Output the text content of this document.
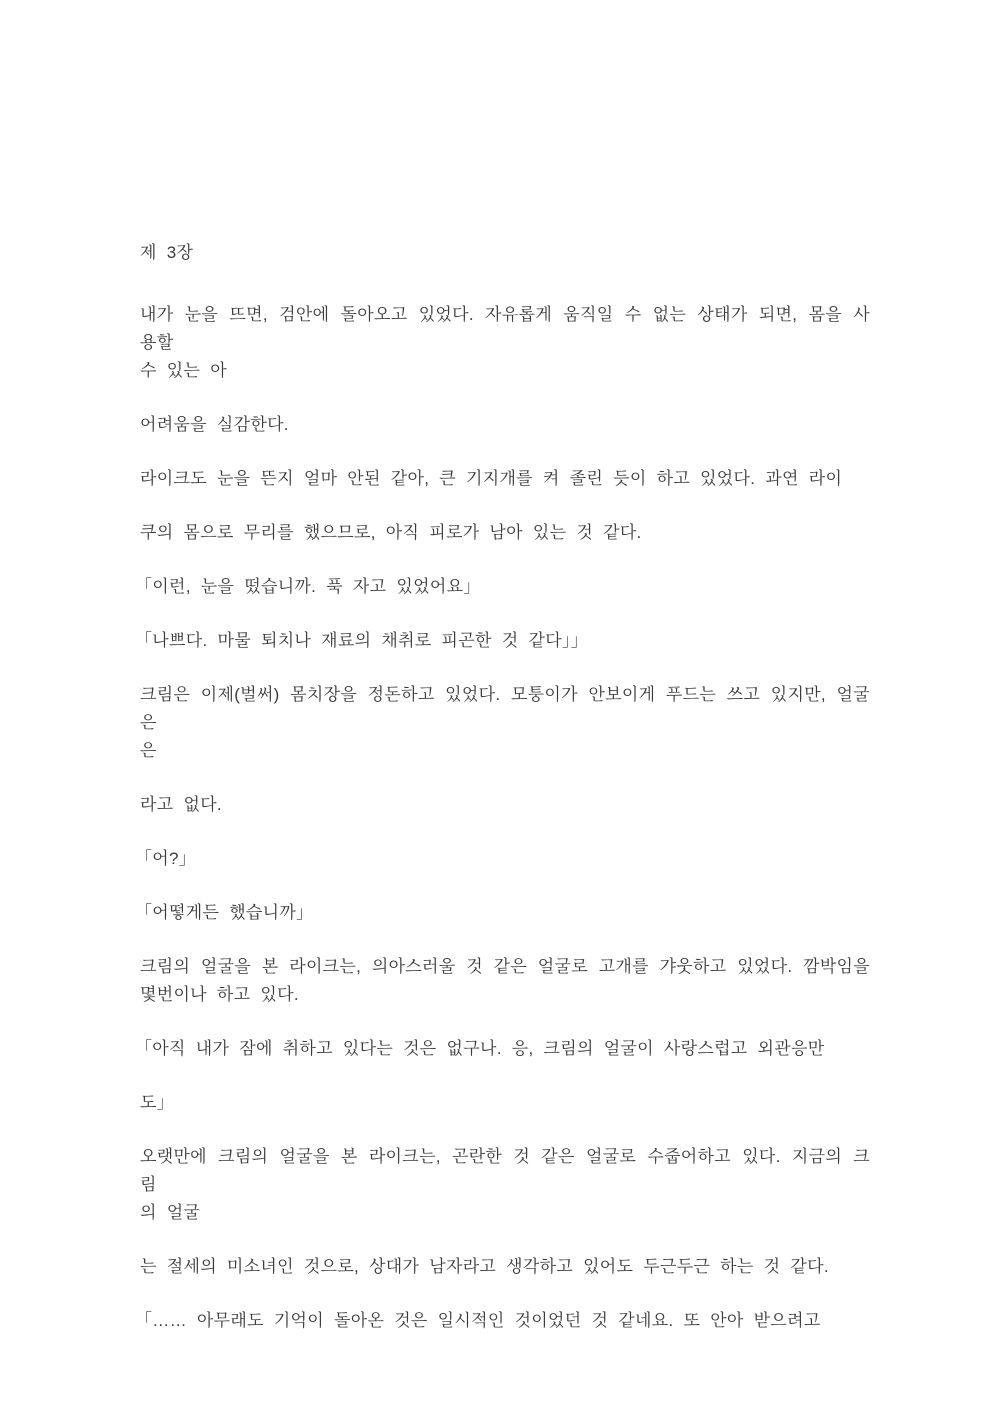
제 3장
내가 눈을 뜨면, 검안에 돌아오고 있었다. 자유롭게 움직일 수 없는 상태가 되면, 몸을 사용할
수 있는 아
어려움을 실감한다.
라이크도 눈을 뜬지 얼마 안된 같아, 큰 기지개를 켜 졸린 듯이 하고 있었다. 과연 라이
쿠의 몸으로 무리를 했으므로, 아직 피로가 남아 있는 것 같다.
「이런, 눈을 떴습니까. 푹 자고 있었어요」
「나쁘다. 마물 퇴치나 재료의 채취로 피곤한 것 같다」」
크림은 이제(벌써) 몸치장을 정돈하고 있었다. 모퉁이가 안보이게 푸드는 쓰고 있지만, 얼굴은
은
라고 없다.
「어?」
「어떻게든 했습니까」
크림의 얼굴을 본 라이크는, 의아스러울 것 같은 얼굴로 고개를 갸웃하고 있었다. 깜박임을
몇번이나 하고 있다.
「아직 내가 잠에 취하고 있다는 것은 없구나. 응, 크림의 얼굴이 사랑스럽고 외관응만
도」
오랫만에 크림의 얼굴을 본 라이크는, 곤란한 것 같은 얼굴로 수줍어하고 있다. 지금의 크림
의 얼굴
는 절세의 미소녀인 것으로, 상대가 남자라고 생각하고 있어도 두근두근 하는 것 같다.
「…… 아무래도 기억이 돌아온 것은 일시적인 것이었던 것 같네요. 또 안아 받으려고
